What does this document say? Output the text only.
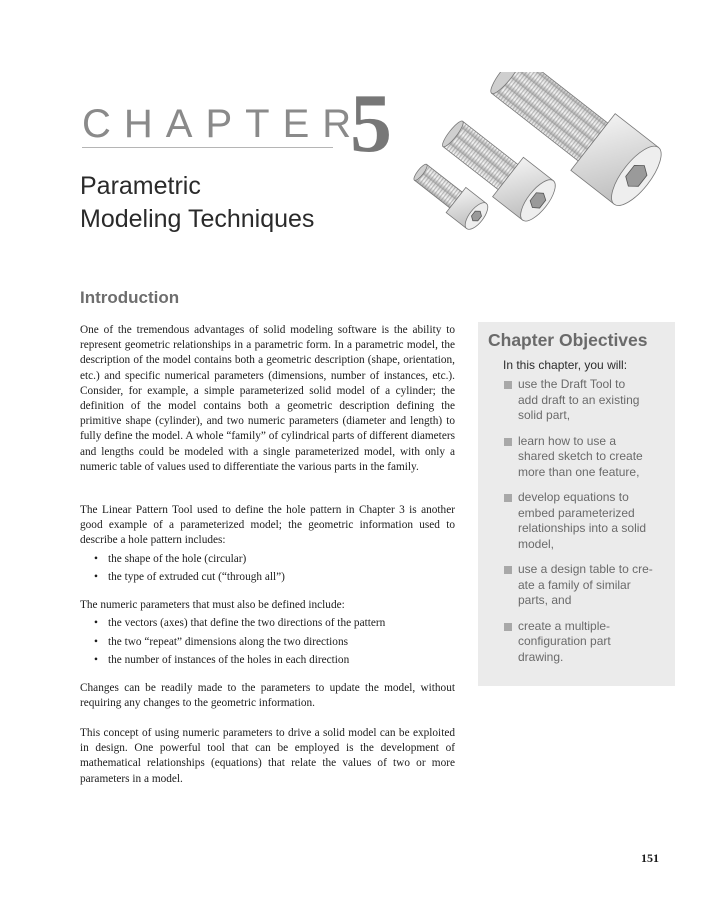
CHAPTER
5
Parametric
Modeling Techniques
Introduction

One of the tremendous advantages of solid modeling software is the ability to represent geometric relationships in a parametric form. In a parametric model, the description of the model contains both a geometric description (shape, orientation, etc.) and specific numerical parameters (dimensions, number of instances, etc.). Consider, for example, a simple parameterized solid model of a cylinder; the definition of the model contains both a geometric description defining the primitive shape (cylinder), and two numeric parameters (diameter and length) to fully define the model. A whole “family” of cylindrical parts of different diameters and lengths could be modeled with a single parameterized model, with only a numeric table of values used to differentiate the various parts in the family.

The Linear Pattern Tool used to define the hole pattern in Chapter 3 is another good example of a parameterized model; the geometric information used to describe a hole pattern includes:

• the shape of the hole (circular)
• the type of extruded cut (“through all”)

The numeric parameters that must also be defined include:

• the vectors (axes) that define the two directions of the pattern
• the two “repeat” dimensions along the two directions
• the number of instances of the holes in each direction

Changes can be readily made to the parameters to update the model, without requiring any changes to the geometric information.

This concept of using numeric parameters to drive a solid model can be exploited in design. One powerful tool that can be employed is the development of mathematical relationships (equations) that relate the values of two or more parameters in a model.

Chapter Objectives
In this chapter, you will:
use the Draft Tool to
add draft to an existing
solid part,
learn how to use a
shared sketch to create
more than one feature,
develop equations to
embed parameterized
relationships into a solid
model,
use a design table to cre-
ate a family of similar
parts, and
create a multiple-
configuration part
drawing.
151
